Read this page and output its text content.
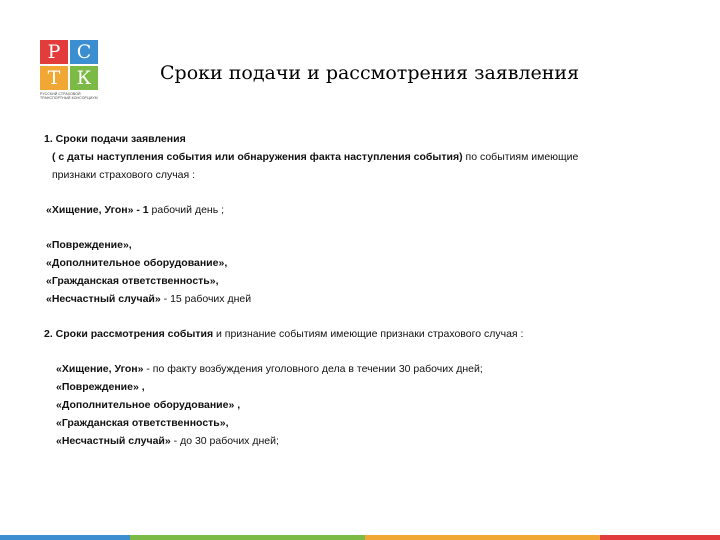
Р С
Т К
РУССКИЙ СТРАХОВОЙ
ТРАНСПОРТНЫЙ КОНСОРЦИУМ
Сроки подачи и рассмотрения заявления

1. Сроки подачи заявления

( с даты наступления события или обнаружения факта наступления события) по событиям имеющие

признаки страхового случая :

«Хищение, Угон» - 1 рабочий день ;

«Повреждение»,

«Дополнительное оборудование»,

«Гражданская ответственность»,

«Несчастный случай» - 15 рабочих дней

2. Сроки рассмотрения события и признание событиям имеющие признаки страхового случая :

«Хищение, Угон» - по факту возбуждения уголовного дела в течении 30 рабочих дней;

«Повреждение» ,

«Дополнительное оборудование» ,

«Гражданская ответственность»,

«Несчастный случай» - до 30 рабочих дней;
